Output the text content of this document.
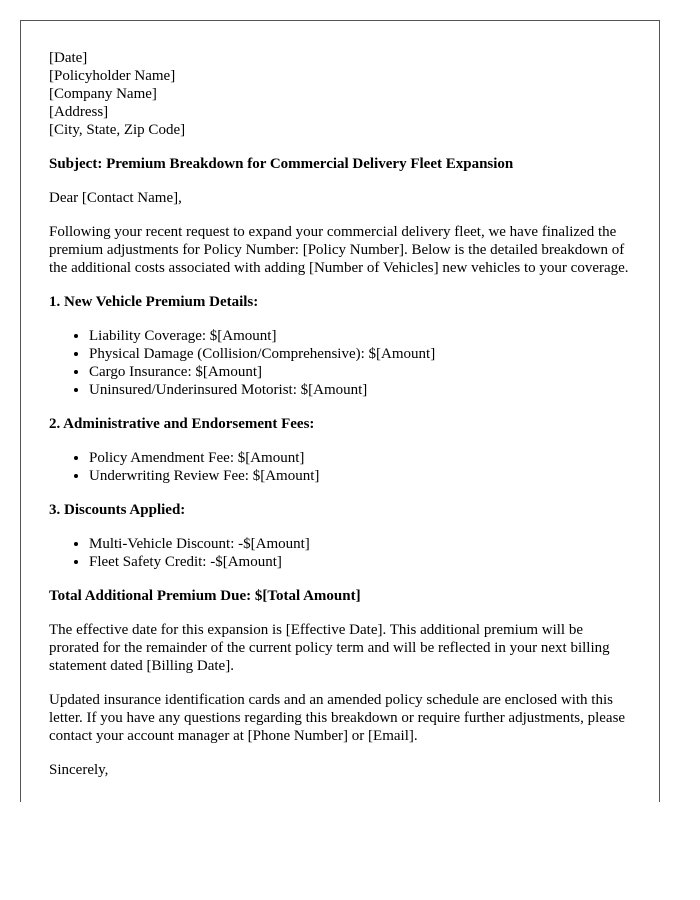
[Date]
[Policyholder Name]
[Company Name]
[Address]
[City, State, Zip Code]

Subject: Premium Breakdown for Commercial Delivery Fleet Expansion

Dear [Contact Name],

Following your recent request to expand your commercial delivery fleet, we have finalized the premium adjustments for Policy Number: [Policy Number]. Below is the detailed breakdown of the additional costs associated with adding [Number of Vehicles] new vehicles to your coverage.

1. New Vehicle Premium Details:
• Liability Coverage: $[Amount]
• Physical Damage (Collision/Comprehensive): $[Amount]
• Cargo Insurance: $[Amount]
• Uninsured/Underinsured Motorist: $[Amount]
2. Administrative and Endorsement Fees:
• Policy Amendment Fee: $[Amount]
• Underwriting Review Fee: $[Amount]
3. Discounts Applied:
• Multi-Vehicle Discount: -$[Amount]
• Fleet Safety Credit: -$[Amount]

Total Additional Premium Due: $[Total Amount]

The effective date for this expansion is [Effective Date]. This additional premium will be prorated for the remainder of the current policy term and will be reflected in your next billing statement dated [Billing Date].

Updated insurance identification cards and an amended policy schedule are enclosed with this letter. If you have any questions regarding this breakdown or require further adjustments, please contact your account manager at [Phone Number] or [Email].

Sincerely,
